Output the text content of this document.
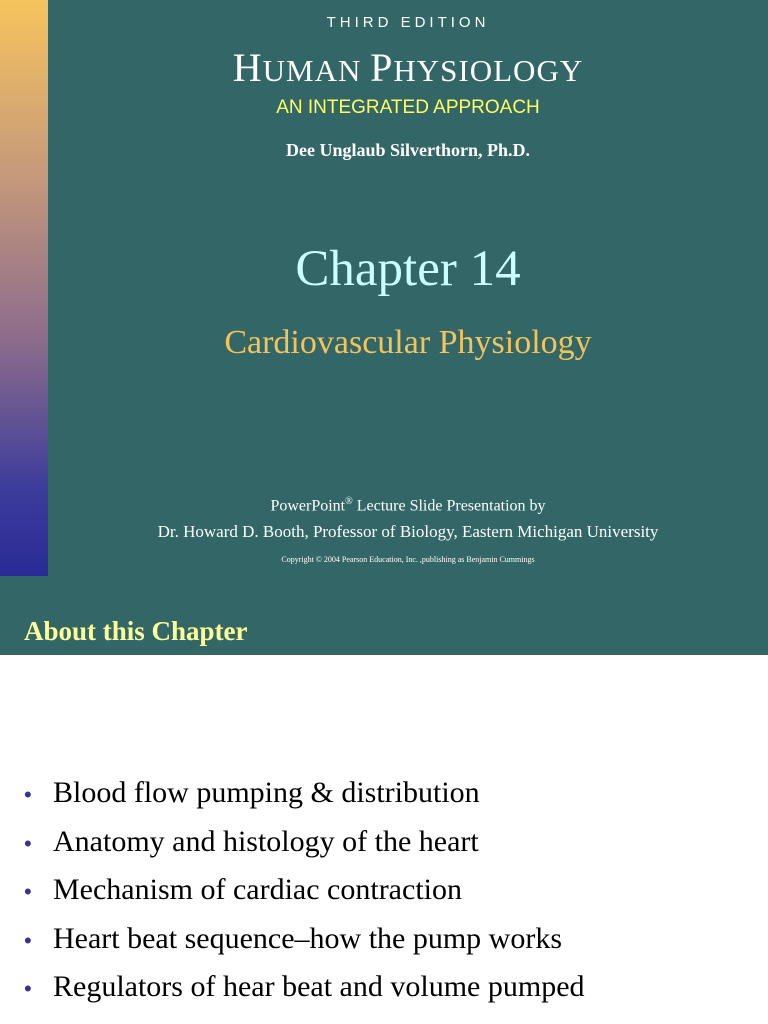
THIRD EDITION
HUMAN PHYSIOLOGY
AN INTEGRATED APPROACH
Dee Unglaub Silverthorn, Ph.D.
Chapter 14
Cardiovascular Physiology
PowerPoint® Lecture Slide Presentation by
Dr. Howard D. Booth, Professor of Biology, Eastern Michigan University
Copyright © 2004 Pearson Education, Inc. ,publishing as Benjamin Cummings
About this Chapter
• Blood flow pumping & distribution
• Anatomy and histology of the heart
• Mechanism of cardiac contraction
• Heart beat sequence–how the pump works
• Regulators of hear beat and volume pumped
